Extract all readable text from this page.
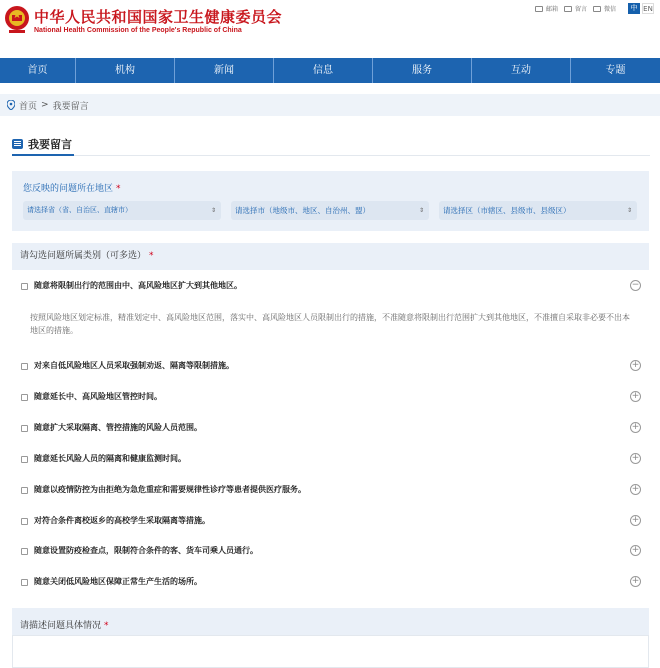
中华人民共和国国家卫生健康委员会
National Health Commission of the People's Republic of China
邮箱	留言	微信	中 EN
首页	机构	新闻	信息	服务	互动	专题
首页 > 我要留言
我要留言
您反映的问题所在地区 *
请选择省（省、自治区、直辖市）	⇕	请选择市（地级市、地区、自治州、盟）	⇕	请选择区（市辖区、县级市、县级区）	⇕
请勾选问题所属类别（可多选） *
随意将限制出行的范围由中、高风险地区扩大到其他地区。	−
按照风险地区划定标准，精准划定中、高风险地区范围，落实中、高风险地区人员限制出行的措施，不准随意将限制出行范围扩大到其他地区，不准擅自采取非必要不出本地区的措施。
对来自低风险地区人员采取强制劝返、隔离等限制措施。	+
随意延长中、高风险地区管控时间。	+
随意扩大采取隔离、管控措施的风险人员范围。	+
随意延长风险人员的隔离和健康监测时间。	+
随意以疫情防控为由拒绝为急危重症和需要规律性诊疗等患者提供医疗服务。	+
对符合条件离校返乡的高校学生采取隔离等措施。	+
随意设置防疫检查点，限制符合条件的客、货车司乘人员通行。	+
随意关闭低风险地区保障正常生产生活的场所。	+
请描述问题具体情况 *
